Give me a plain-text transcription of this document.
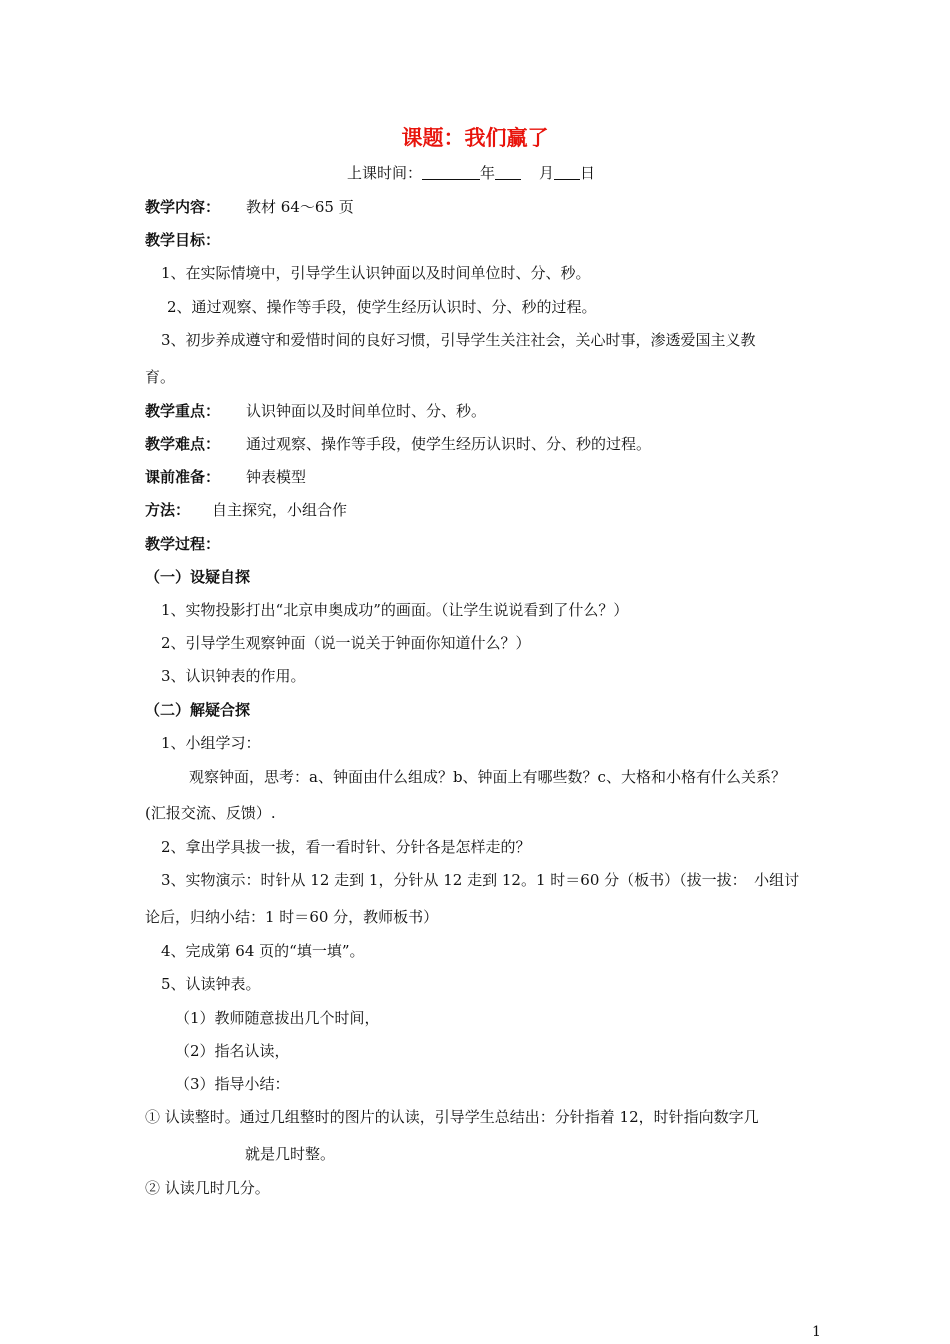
课题：我们赢了
上课时间：	年	月 日
教学内容： 教材 64～65 页
教学目标：
1、在实际情境中，引导学生认识钟面以及时间单位时、分、秒。
2、通过观察、操作等手段，使学生经历认识时、分、秒的过程。
3、初步养成遵守和爱惜时间的良好习惯，引导学生关注社会，关心时事，渗透爱国主义教
育。
教学重点： 认识钟面以及时间单位时、分、秒。
教学难点： 通过观察、操作等手段，使学生经历认识时、分、秒的过程。
课前准备： 钟表模型
方法： 自主探究，小组合作
教学过程：
（一）设疑自探
1、实物投影打出“北京申奥成功”的画面。（让学生说说看到了什么？）
2、引导学生观察钟面（说一说关于钟面你知道什么？）
3、认识钟表的作用。
（二）解疑合探
1、小组学习：
观察钟面，思考：a、钟面由什么组成？b、钟面上有哪些数？c、大格和小格有什么关系？
(汇报交流、反馈）.
2、拿出学具拔一拔，看一看时针、分针各是怎样走的？
3、实物演示：时针从 12 走到 1，分针从 12 走到 12。1 时＝60 分（板书）（拔一拔：　小组讨
论后，归纳小结：1 时＝60 分，教师板书）
4、完成第 64 页的“填一填”。
5、认读钟表。
（1）教师随意拔出几个时间，
（2）指名认读，
（3）指导小结：
① 认读整时。通过几组整时的图片的认读，引导学生总结出：分针指着 12，时针指向数字几
就是几时整。
② 认读几时几分。
1
